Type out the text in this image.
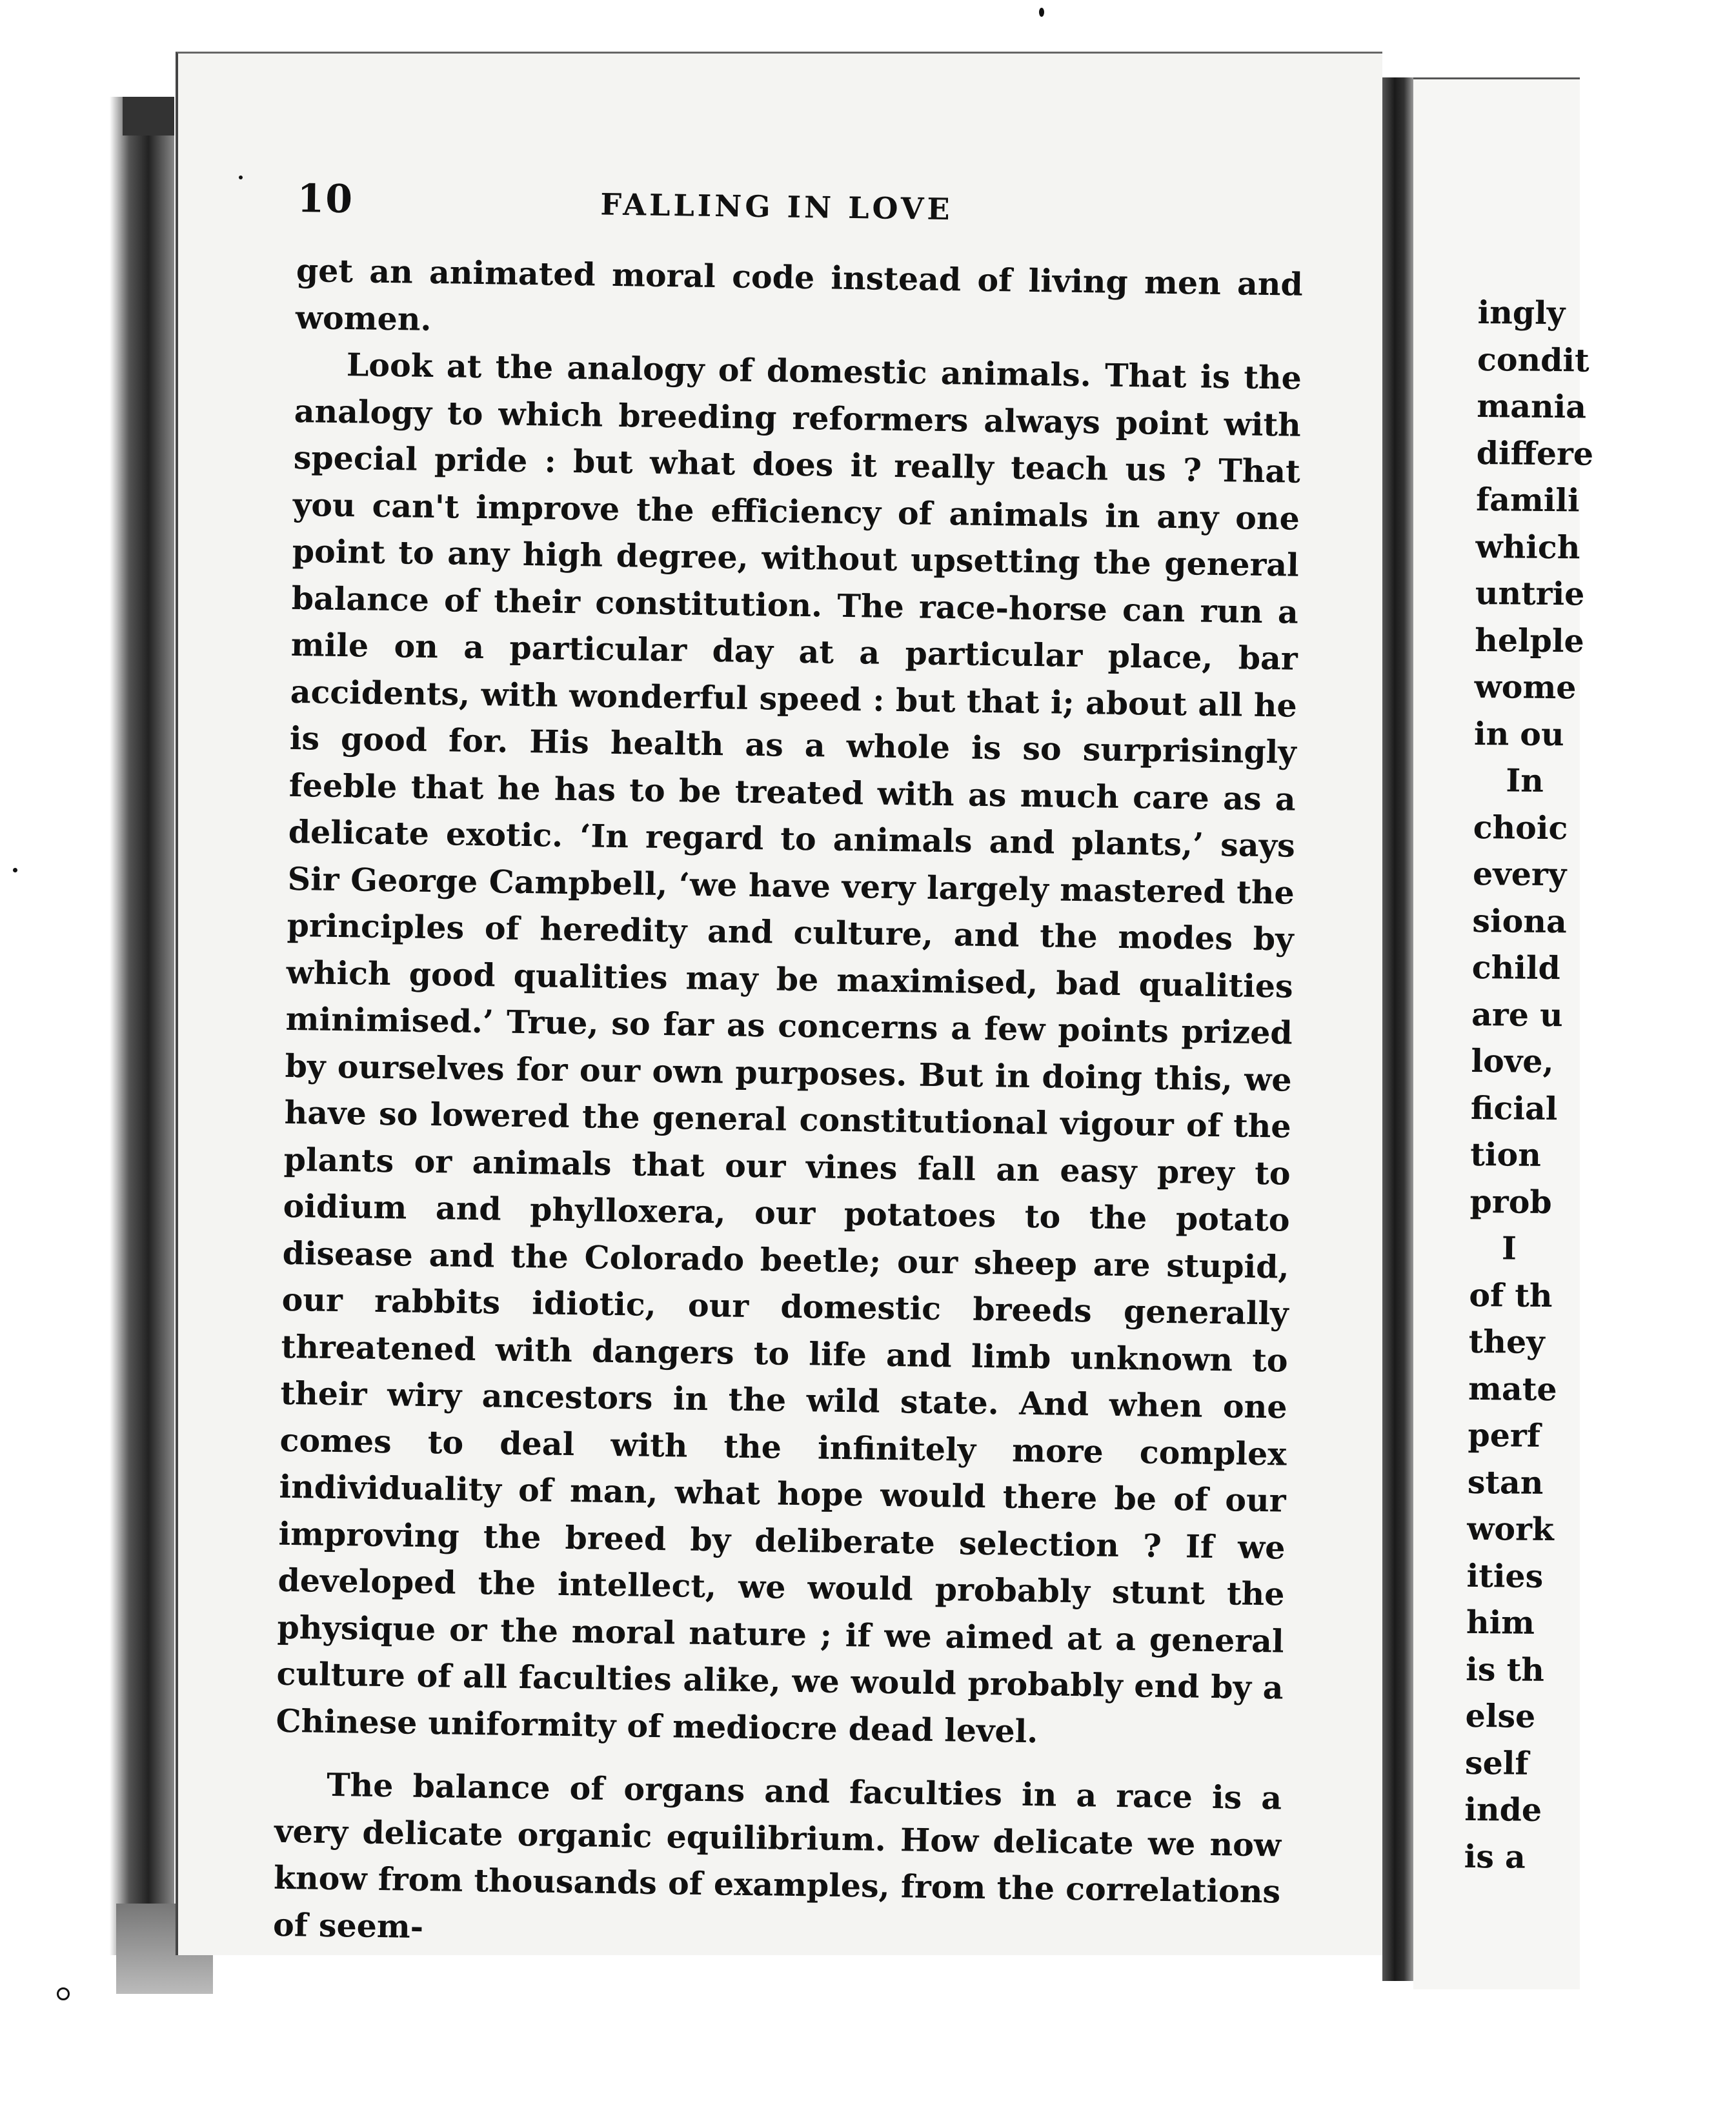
10	FALLING IN LOVE

get an animated moral code instead of living men and women.

Look at the analogy of domestic animals. That is the analogy to which breeding reformers always point with special pride : but what does it really teach us ? That you can't improve the efficiency of animals in any one point to any high degree, without upsetting the general balance of their constitution. The race-horse can run a mile on a particular day at a particular place, bar accidents, with wonderful speed : but that i; about all he is good for. His health as a whole is so surprisingly feeble that he has to be treated with as much care as a delicate exotic. ‘In regard to animals and plants,’ says Sir George Campbell, ‘we have very largely mastered the principles of heredity and culture, and the modes by which good qualities may be maximised, bad qualities minimised.’ True, so far as concerns a few points prized by ourselves for our own purposes. But in doing this, we have so lowered the general constitutional vigour of the plants or animals that our vines fall an easy prey to oidium and phylloxera, our potatoes to the potato disease and the Colorado beetle; our sheep are stupid, our rabbits idiotic, our domestic breeds generally threatened with dangers to life and limb unknown to their wiry ancestors in the wild state. And when one comes to deal with the infinitely more complex individuality of man, what hope would there be of our improving the breed by deliberate selection ? If we developed the intellect, we would probably stunt the physique or the moral nature ; if we aimed at a general culture of all faculties alike, we would probably end by a Chinese uniformity of mediocre dead level.

The balance of organs and faculties in a race is a very delicate organic equilibrium. How delicate we now know from thousands of examples, from the correlations of seem-

ingly
condit
mania
differe
famili
which
untrie
helple
wome
in ou
In
choic
every
siona
child
are u
love,
ficial
tion
prob
I
of th
they
mate
perf
stan
work
ities
him
is th
else
self
inde
is a
